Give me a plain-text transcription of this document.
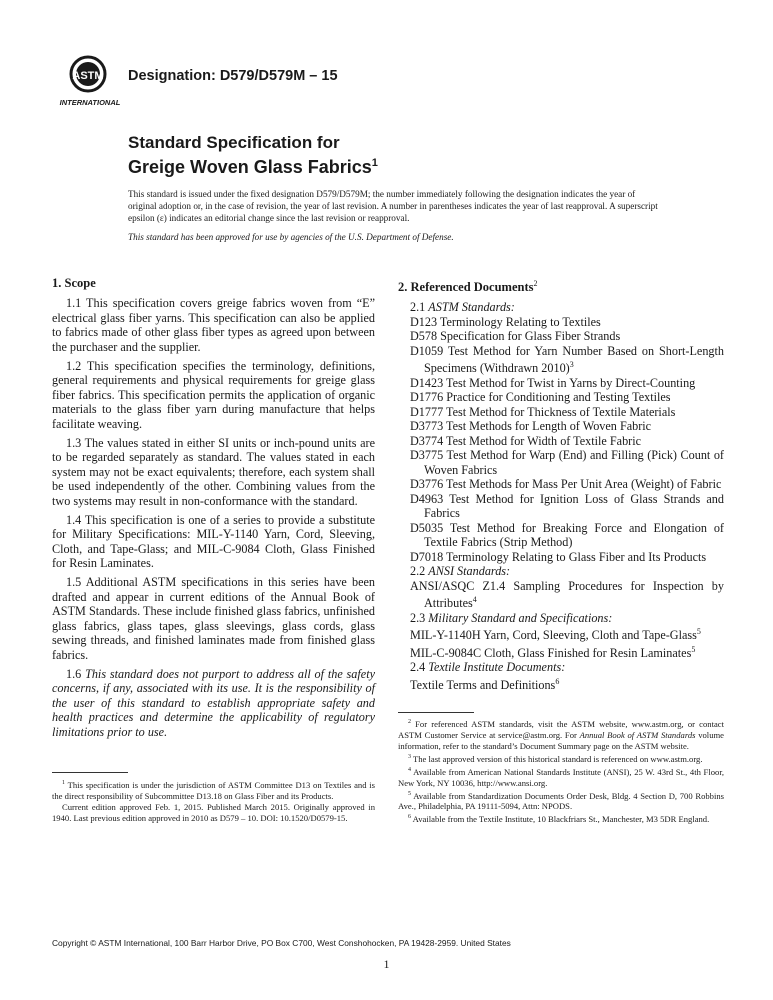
ASTM
INTERNATIONAL
Designation: D579/D579M – 15
Standard Specification for
Greige Woven Glass Fabrics$^1$

This standard is issued under the fixed designation D579/D579M; the number immediately following the designation indicates the year of original adoption or, in the case of revision, the year of last revision. A number in parentheses indicates the year of last reapproval. A superscript epsilon (ε) indicates an editorial change since the last revision or reapproval.

This standard has been approved for use by agencies of the U.S. Department of Defense.

1. Scope

1.1 This specification covers greige fabrics woven from “E” electrical glass fiber yarns. This specification can also be applied to fabrics made of other glass fiber types as agreed upon between the purchaser and the supplier.

1.2 This specification specifies the terminology, definitions, general requirements and physical requirements for greige glass fiber fabrics. This specification permits the application of organic materials to the glass fiber yarn during manufacture that helps facilitate weaving.

1.3 The values stated in either SI units or inch-pound units are to be regarded separately as standard. The values stated in each system may not be exact equivalents; therefore, each system shall be used independently of the other. Combining values from the two systems may result in non-conformance with the standard.

1.4 This specification is one of a series to provide a substitute for Military Specifications: MIL-Y-1140 Yarn, Cord, Sleeving, Cloth, and Tape-Glass; and MIL-C-9084 Cloth, Glass Finished for Resin Laminates.

1.5 Additional ASTM specifications in this series have been drafted and appear in current editions of the Annual Book of ASTM Standards. These include finished glass fabrics, unfinished glass fabrics, glass tapes, glass sleevings, glass cords, glass sewing threads, and finished laminates made from finished glass fabrics.

1.6 This standard does not purport to address all of the safety concerns, if any, associated with its use. It is the responsibility of the user of this standard to establish appropriate safety and health practices and determine the applicability of regulatory limitations prior to use.

2. Referenced Documents$^2$

2.1 ASTM Standards:
D123 Terminology Relating to Textiles
D578 Specification for Glass Fiber Strands
D1059 Test Method for Yarn Number Based on Short-Length Specimens (Withdrawn 2010)$^3$
D1423 Test Method for Twist in Yarns by Direct-Counting
D1776 Practice for Conditioning and Testing Textiles
D1777 Test Method for Thickness of Textile Materials
D3773 Test Methods for Length of Woven Fabric
D3774 Test Method for Width of Textile Fabric
D3775 Test Method for Warp (End) and Filling (Pick) Count of Woven Fabrics
D3776 Test Methods for Mass Per Unit Area (Weight) of Fabric
D4963 Test Method for Ignition Loss of Glass Strands and Fabrics
D5035 Test Method for Breaking Force and Elongation of Textile Fabrics (Strip Method)
D7018 Terminology Relating to Glass Fiber and Its Products
2.2 ANSI Standards:
ANSI/ASQC Z1.4 Sampling Procedures for Inspection by Attributes$^4$
2.3 Military Standard and Specifications:
MIL-Y-1140H Yarn, Cord, Sleeving, Cloth and Tape-Glass$^5$
MIL-C-9084C Cloth, Glass Finished for Resin Laminates$^5$
2.4 Textile Institute Documents:
Textile Terms and Definitions$^6$

$^1$ This specification is under the jurisdiction of ASTM Committee D13 on Textiles and is the direct responsibility of Subcommittee D13.18 on Glass Fiber and its Products.

Current edition approved Feb. 1, 2015. Published March 2015. Originally approved in 1940. Last previous edition approved in 2010 as D579 – 10. DOI: 10.1520/D0579-15.

$^2$ For referenced ASTM standards, visit the ASTM website, www.astm.org, or contact ASTM Customer Service at service@astm.org. For Annual Book of ASTM Standards volume information, refer to the standard’s Document Summary page on the ASTM website.

$^3$ The last approved version of this historical standard is referenced on www.astm.org.

$^4$ Available from American National Standards Institute (ANSI), 25 W. 43rd St., 4th Floor, New York, NY 10036, http://www.ansi.org.

$^5$ Available from Standardization Documents Order Desk, Bldg. 4 Section D, 700 Robbins Ave., Philadelphia, PA 19111-5094, Attn: NPODS.

$^6$ Available from the Textile Institute, 10 Blackfriars St., Manchester, M3 5DR England.

Copyright © ASTM International, 100 Barr Harbor Drive, PO Box C700, West Conshohocken, PA 19428-2959. United States
1
